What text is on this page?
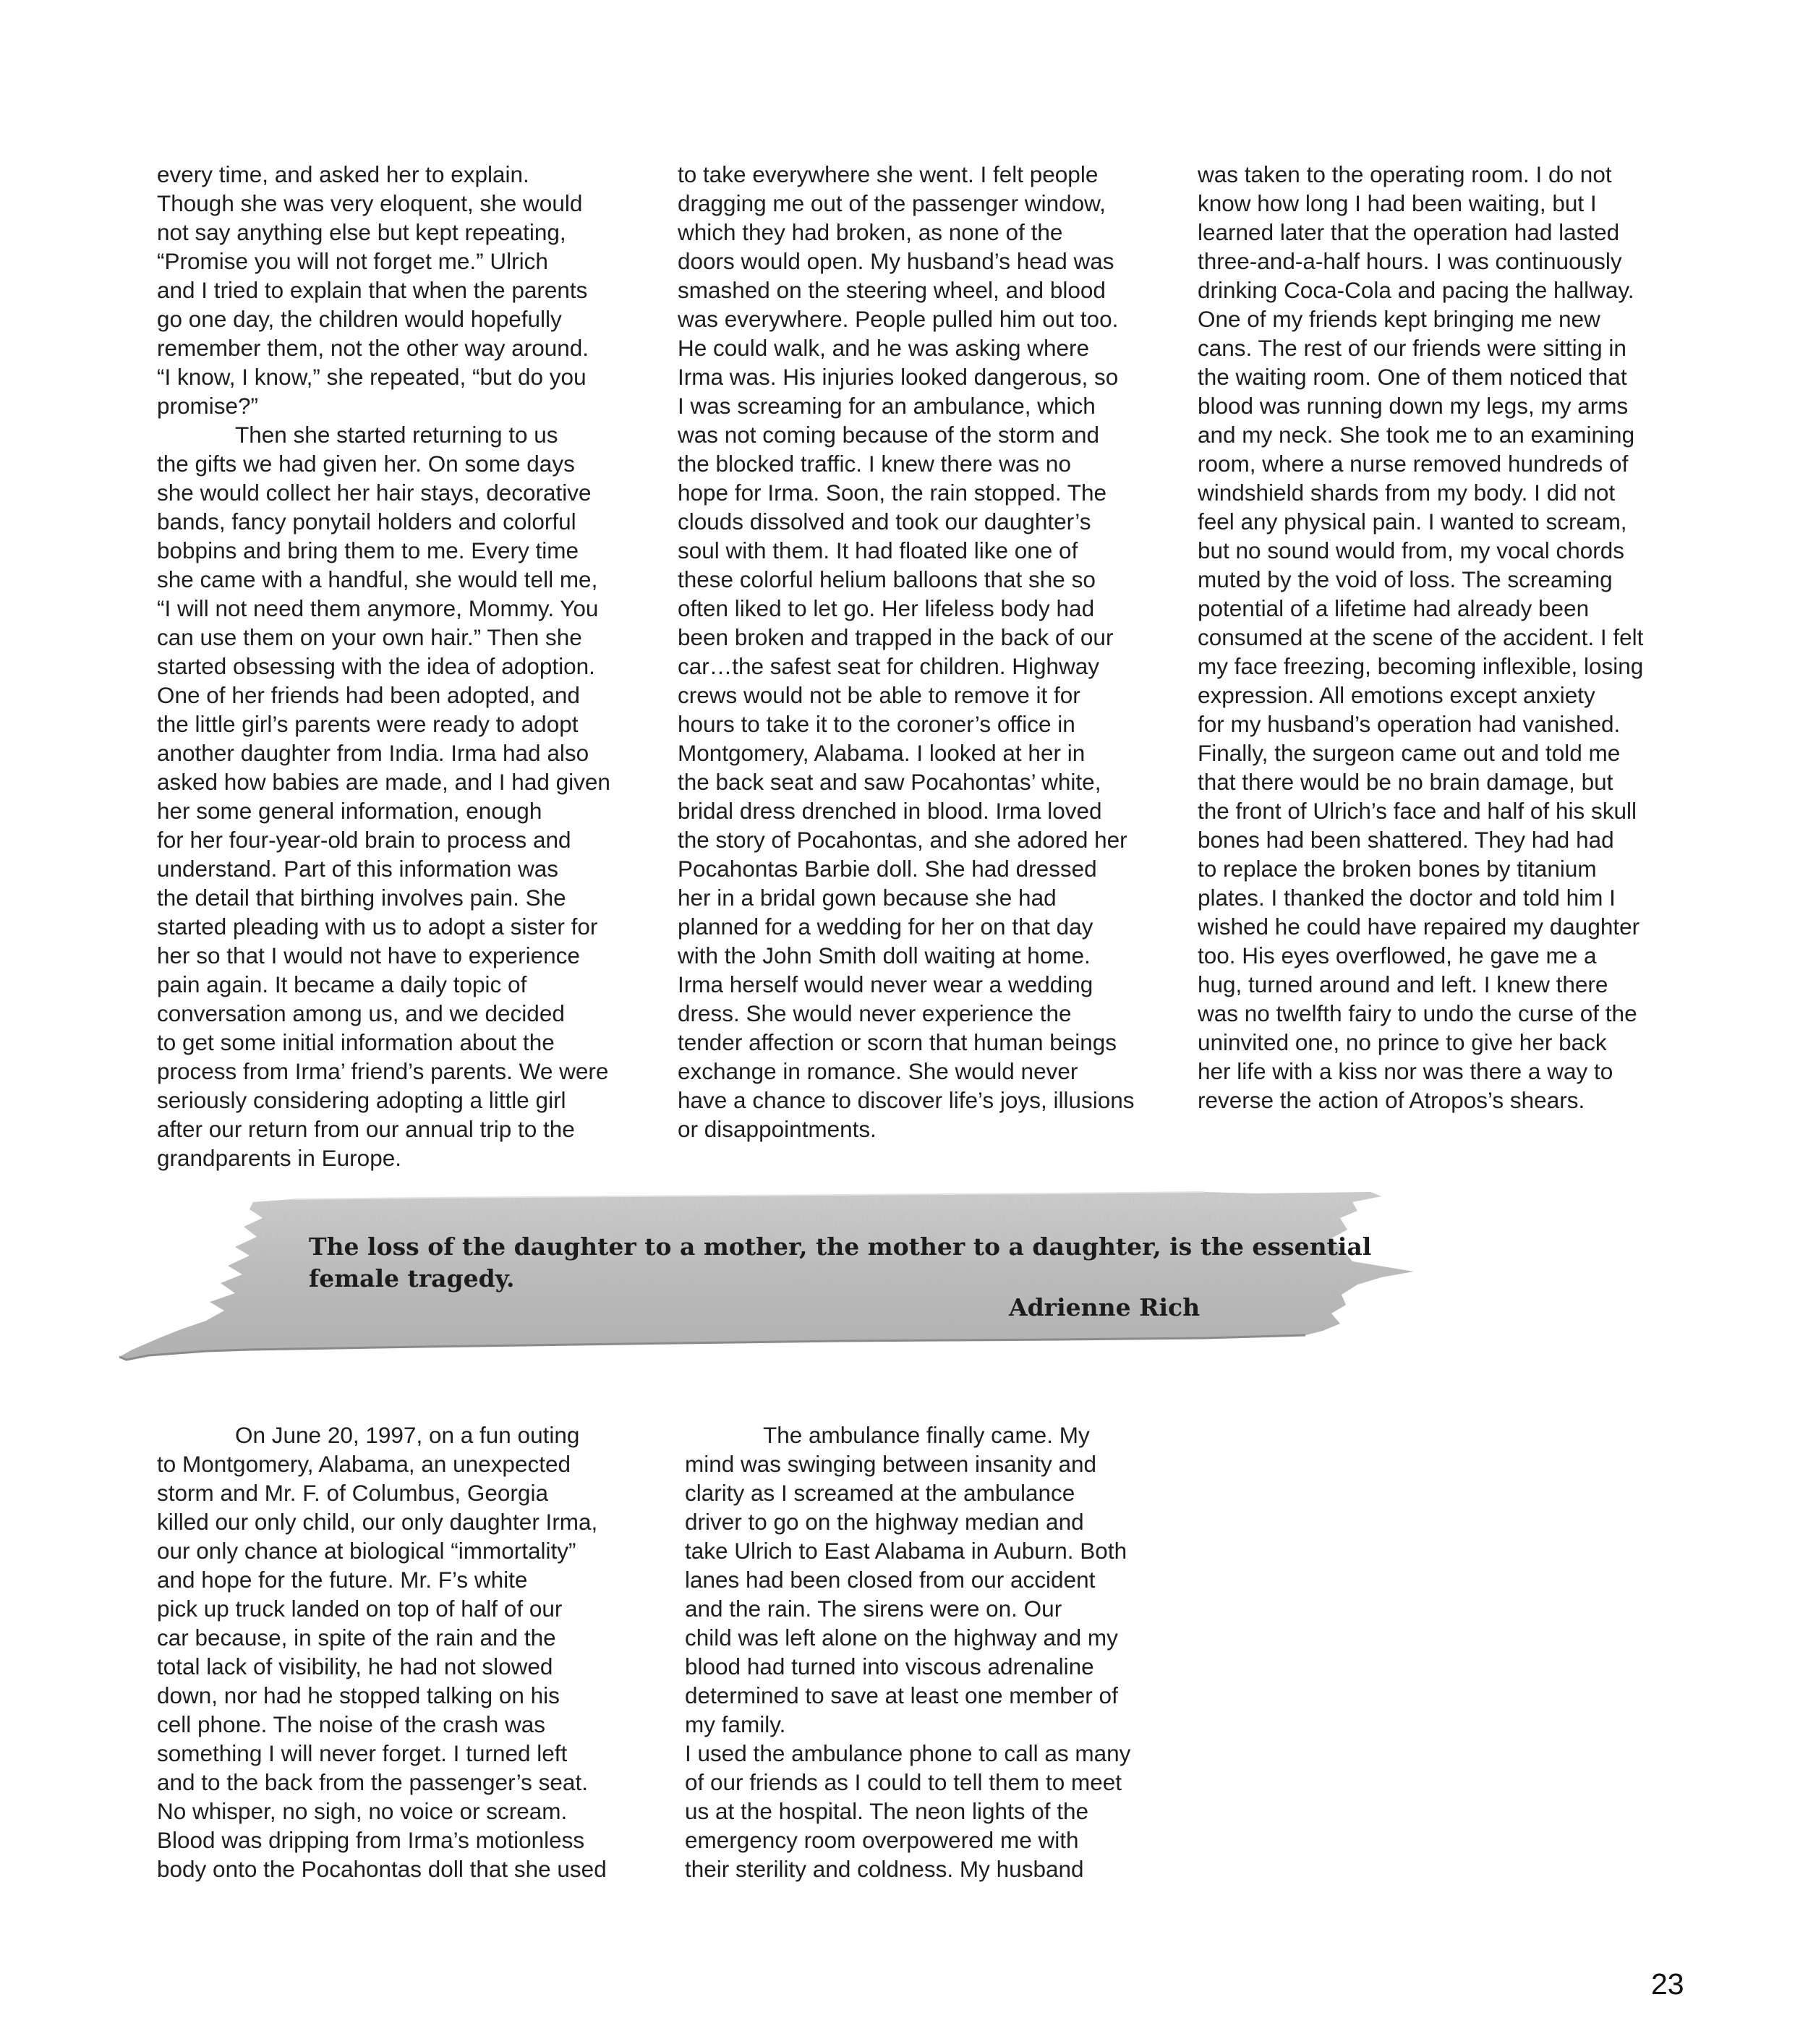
every time, and asked her to explain.
Though she was very eloquent, she would
not say anything else but kept repeating,
“Promise you will not forget me.” Ulrich
and I tried to explain that when the parents
go one day, the children would hopefully
remember them, not the other way around.
“I know, I know,” she repeated, “but do you
promise?”
Then she started returning to us
the gifts we had given her. On some days
she would collect her hair stays, decorative
bands, fancy ponytail holders and colorful
bobpins and bring them to me. Every time
she came with a handful, she would tell me,
“I will not need them anymore, Mommy. You
can use them on your own hair.” Then she
started obsessing with the idea of adoption.
One of her friends had been adopted, and
the little girl’s parents were ready to adopt
another daughter from India. Irma had also
asked how babies are made, and I had given
her some general information, enough
for her four-year-old brain to process and
understand. Part of this information was
the detail that birthing involves pain. She
started pleading with us to adopt a sister for
her so that I would not have to experience
pain again. It became a daily topic of
conversation among us, and we decided
to get some initial information about the
process from Irma’ friend’s parents. We were
seriously considering adopting a little girl
after our return from our annual trip to the
grandparents in Europe.
to take everywhere she went. I felt people
dragging me out of the passenger window,
which they had broken, as none of the
doors would open. My husband’s head was
smashed on the steering wheel, and blood
was everywhere. People pulled him out too.
He could walk, and he was asking where
Irma was. His injuries looked dangerous, so
I was screaming for an ambulance, which
was not coming because of the storm and
the blocked traffic. I knew there was no
hope for Irma. Soon, the rain stopped. The
clouds dissolved and took our daughter’s
soul with them. It had floated like one of
these colorful helium balloons that she so
often liked to let go. Her lifeless body had
been broken and trapped in the back of our
car…the safest seat for children. Highway
crews would not be able to remove it for
hours to take it to the coroner’s office in
Montgomery, Alabama. I looked at her in
the back seat and saw Pocahontas’ white,
bridal dress drenched in blood. Irma loved
the story of Pocahontas, and she adored her
Pocahontas Barbie doll. She had dressed
her in a bridal gown because she had
planned for a wedding for her on that day
with the John Smith doll waiting at home.
Irma herself would never wear a wedding
dress. She would never experience the
tender affection or scorn that human beings
exchange in romance. She would never
have a chance to discover life’s joys, illusions
or disappointments.
was taken to the operating room. I do not
know how long I had been waiting, but I
learned later that the operation had lasted
three-and-a-half hours. I was continuously
drinking Coca-Cola and pacing the hallway.
One of my friends kept bringing me new
cans. The rest of our friends were sitting in
the waiting room. One of them noticed that
blood was running down my legs, my arms
and my neck. She took me to an examining
room, where a nurse removed hundreds of
windshield shards from my body. I did not
feel any physical pain. I wanted to scream,
but no sound would from, my vocal chords
muted by the void of loss. The screaming
potential of a lifetime had already been
consumed at the scene of the accident. I felt
my face freezing, becoming inflexible, losing
expression. All emotions except anxiety
for my husband’s operation had vanished.
Finally, the surgeon came out and told me
that there would be no brain damage, but
the front of Ulrich’s face and half of his skull
bones had been shattered. They had had
to replace the broken bones by titanium
plates. I thanked the doctor and told him I
wished he could have repaired my daughter
too. His eyes overflowed, he gave me a
hug, turned around and left. I knew there
was no twelfth fairy to undo the curse of the
uninvited one, no prince to give her back
her life with a kiss nor was there a way to
reverse the action of Atropos’s shears.
The loss of the daughter to a mother, the mother to a daughter, is the essential
female tragedy.
Adrienne Rich
On June 20, 1997, on a fun outing
to Montgomery, Alabama, an unexpected
storm and Mr. F. of Columbus, Georgia
killed our only child, our only daughter Irma,
our only chance at biological “immortality”
and hope for the future. Mr. F’s white
pick up truck landed on top of half of our
car because, in spite of the rain and the
total lack of visibility, he had not slowed
down, nor had he stopped talking on his
cell phone. The noise of the crash was
something I will never forget. I turned left
and to the back from the passenger’s seat.
No whisper, no sigh, no voice or scream.
Blood was dripping from Irma’s motionless
body onto the Pocahontas doll that she used
The ambulance finally came. My
mind was swinging between insanity and
clarity as I screamed at the ambulance
driver to go on the highway median and
take Ulrich to East Alabama in Auburn. Both
lanes had been closed from our accident
and the rain. The sirens were on. Our
child was left alone on the highway and my
blood had turned into viscous adrenaline
determined to save at least one member of
my family.
I used the ambulance phone to call as many
of our friends as I could to tell them to meet
us at the hospital. The neon lights of the
emergency room overpowered me with
their sterility and coldness. My husband
23
